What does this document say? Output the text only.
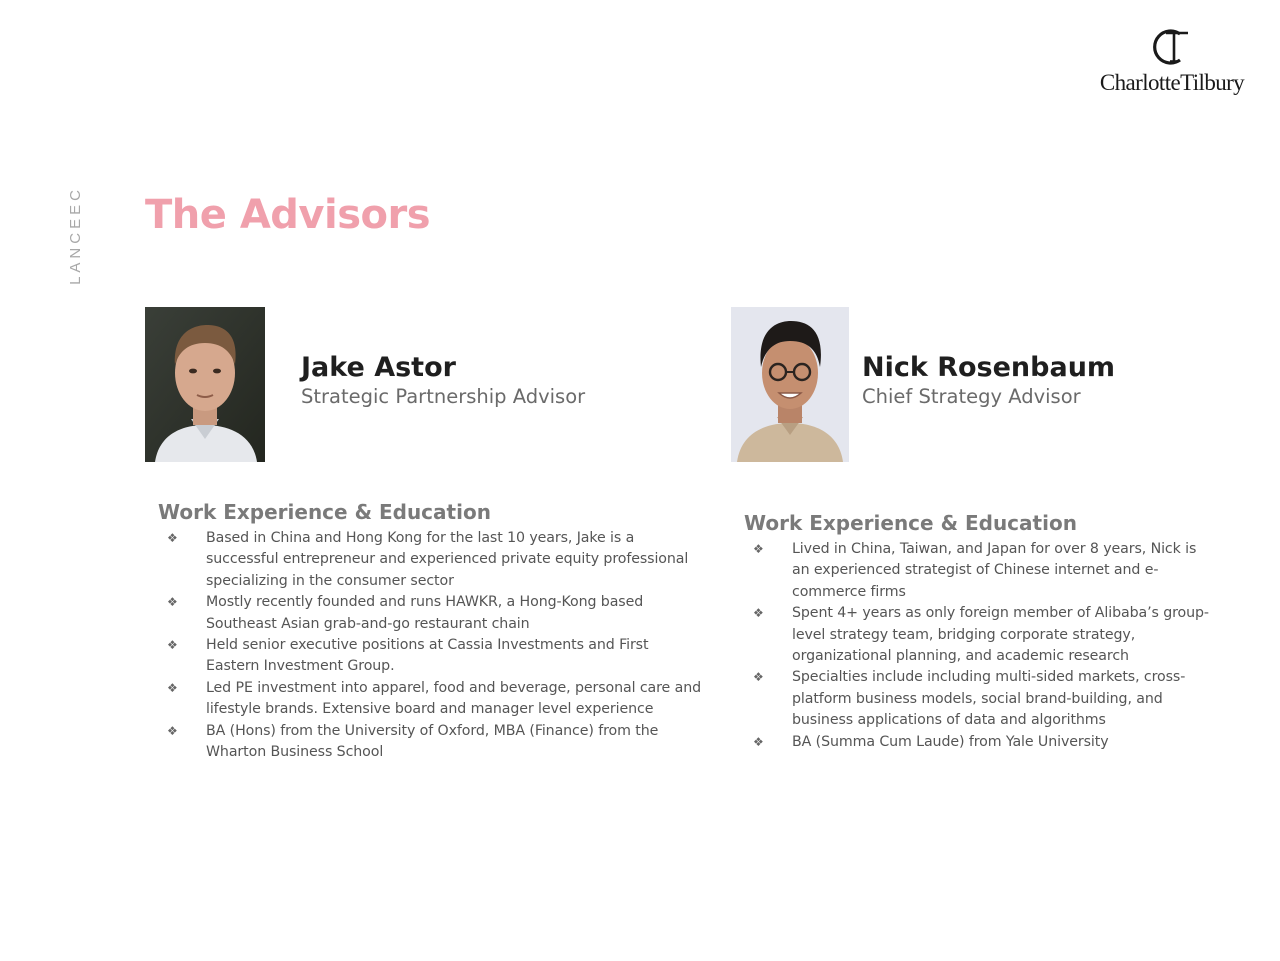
LANCEEC
CharlotteTilbury
The Advisors
Jake Astor
Strategic Partnership Advisor
Work Experience & Education
❖ Based in China and Hong Kong for the last 10 years, Jake is a successful entrepreneur and experienced private equity professional specializing in the consumer sector
❖ Mostly recently founded and runs HAWKR, a Hong-Kong based Southeast Asian grab-and-go restaurant chain
❖ Held senior executive positions at Cassia Investments and First Eastern Investment Group.
❖ Led PE investment into apparel, food and beverage, personal care and lifestyle brands. Extensive board and manager level experience
❖ BA (Hons) from the University of Oxford, MBA (Finance) from the Wharton Business School
Nick Rosenbaum
Chief Strategy Advisor
Work Experience & Education
❖ Lived in China, Taiwan, and Japan for over 8 years, Nick is an experienced strategist of Chinese internet and e-commerce firms
❖ Spent 4+ years as only foreign member of Alibaba’s group-level strategy team, bridging corporate strategy, organizational planning, and academic research
❖ Specialties include including multi-sided markets, cross-platform business models, social brand-building, and business applications of data and algorithms
❖ BA (Summa Cum Laude) from Yale University
